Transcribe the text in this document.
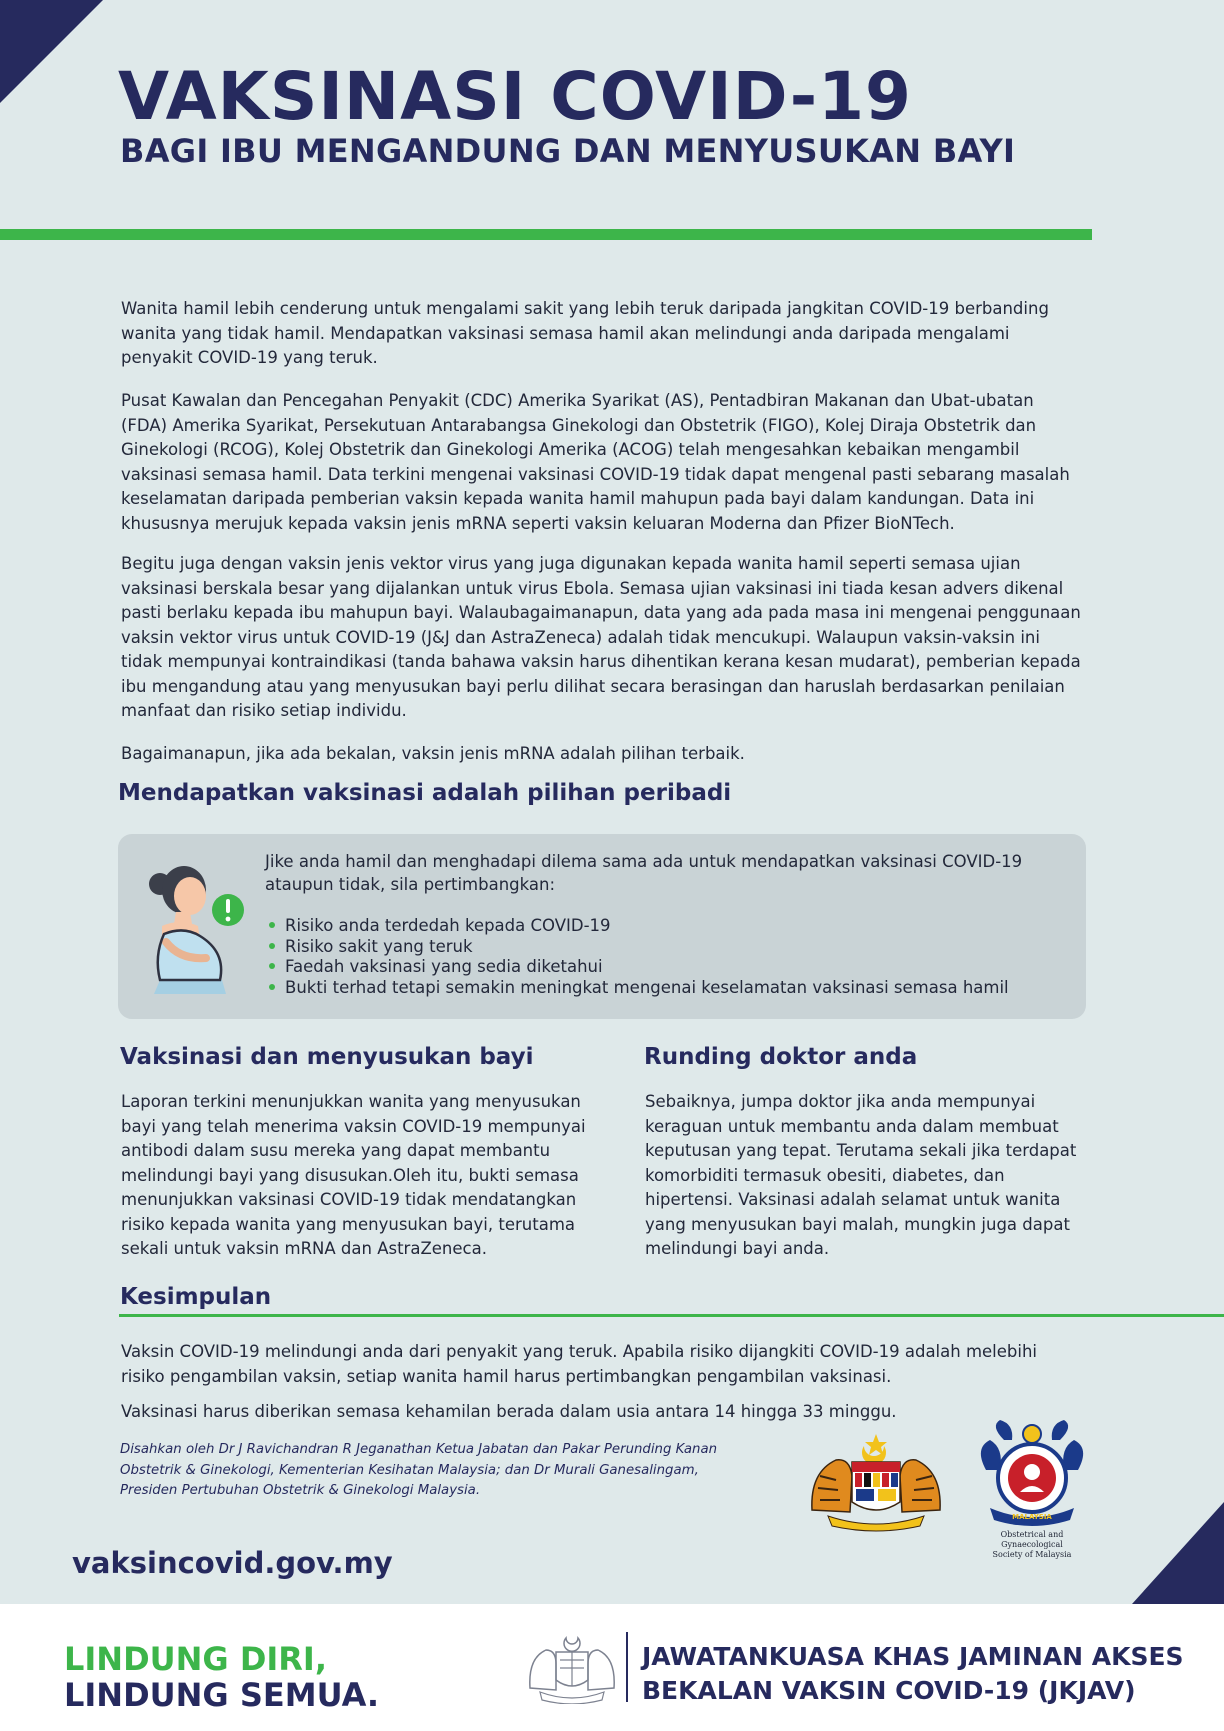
VAKSINASI COVID-19
BAGI IBU MENGANDUNG DAN MENYUSUKAN BAYI

Wanita hamil lebih cenderung untuk mengalami sakit yang lebih teruk daripada jangkitan COVID-19 berbanding wanita yang tidak hamil. Mendapatkan vaksinasi semasa hamil akan melindungi anda daripada mengalami penyakit COVID-19 yang teruk.

Pusat Kawalan dan Pencegahan Penyakit (CDC) Amerika Syarikat (AS), Pentadbiran Makanan dan Ubat-ubatan (FDA) Amerika Syarikat, Persekutuan Antarabangsa Ginekologi dan Obstetrik (FIGO), Kolej Diraja Obstetrik dan Ginekologi (RCOG), Kolej Obstetrik dan Ginekologi Amerika (ACOG) telah mengesahkan kebaikan mengambil vaksinasi semasa hamil. Data terkini mengenai vaksinasi COVID-19 tidak dapat mengenal pasti sebarang masalah keselamatan daripada pemberian vaksin kepada wanita hamil mahupun pada bayi dalam kandungan. Data ini khususnya merujuk kepada vaksin jenis mRNA seperti vaksin keluaran Moderna dan Pfizer BioNTech.

Begitu juga dengan vaksin jenis vektor virus yang juga digunakan kepada wanita hamil seperti semasa ujian vaksinasi berskala besar yang dijalankan untuk virus Ebola. Semasa ujian vaksinasi ini tiada kesan advers dikenal pasti berlaku kepada ibu mahupun bayi. Walaubagaimanapun, data yang ada pada masa ini mengenai penggunaan vaksin vektor virus untuk COVID-19 (J&J dan AstraZeneca) adalah tidak mencukupi. Walaupun vaksin-vaksin ini tidak mempunyai kontraindikasi (tanda bahawa vaksin harus dihentikan kerana kesan mudarat), pemberian kepada ibu mengandung atau yang menyusukan bayi perlu dilihat secara berasingan dan haruslah berdasarkan penilaian manfaat dan risiko setiap individu.

Bagaimanapun, jika ada bekalan, vaksin jenis mRNA adalah pilihan terbaik.

Mendapatkan vaksinasi adalah pilihan peribadi

Jike anda hamil dan menghadapi dilema sama ada untuk mendapatkan vaksinasi COVID-19 ataupun tidak, sila pertimbangkan:

Risiko anda terdedah kepada COVID-19
Risiko sakit yang teruk
Faedah vaksinasi yang sedia diketahui
Bukti terhad tetapi semakin meningkat mengenai keselamatan vaksinasi semasa hamil
Vaksinasi dan menyusukan bayi

Laporan terkini menunjukkan wanita yang menyusukan bayi yang telah menerima vaksin COVID-19 mempunyai antibodi dalam susu mereka yang dapat membantu melindungi bayi yang disusukan.Oleh itu, bukti semasa menunjukkan vaksinasi COVID-19 tidak mendatangkan risiko kepada wanita yang menyusukan bayi, terutama sekali untuk vaksin mRNA dan AstraZeneca.

Runding doktor anda

Sebaiknya, jumpa doktor jika anda mempunyai keraguan untuk membantu anda dalam membuat keputusan yang tepat. Terutama sekali jika terdapat komorbiditi termasuk obesiti, diabetes, dan hipertensi. Vaksinasi adalah selamat untuk wanita yang menyusukan bayi malah, mungkin juga dapat melindungi bayi anda.

Kesimpulan

Vaksin COVID-19 melindungi anda dari penyakit yang teruk. Apabila risiko dijangkiti COVID-19 adalah melebihi risiko pengambilan vaksin, setiap wanita hamil harus pertimbangkan pengambilan vaksinasi.

Vaksinasi harus diberikan semasa kehamilan berada dalam usia antara 14 hingga 33 minggu.

Disahkan oleh Dr J Ravichandran R Jeganathan Ketua Jabatan dan Pakar Perunding Kanan Obstetrik & Ginekologi, Kementerian Kesihatan Malaysia; dan Dr Murali Ganesalingam, Presiden Pertubuhan Obstetrik & Ginekologi Malaysia.

MALAYSIA

Obstetrical and Gynaecological
Society of Malaysia

vaksincovid.gov.my

LINDUNG DIRI,

LINDUNG SEMUA.

JAWATANKUASA KHAS JAMINAN AKSES

BEKALAN VAKSIN COVID-19 (JKJAV)
